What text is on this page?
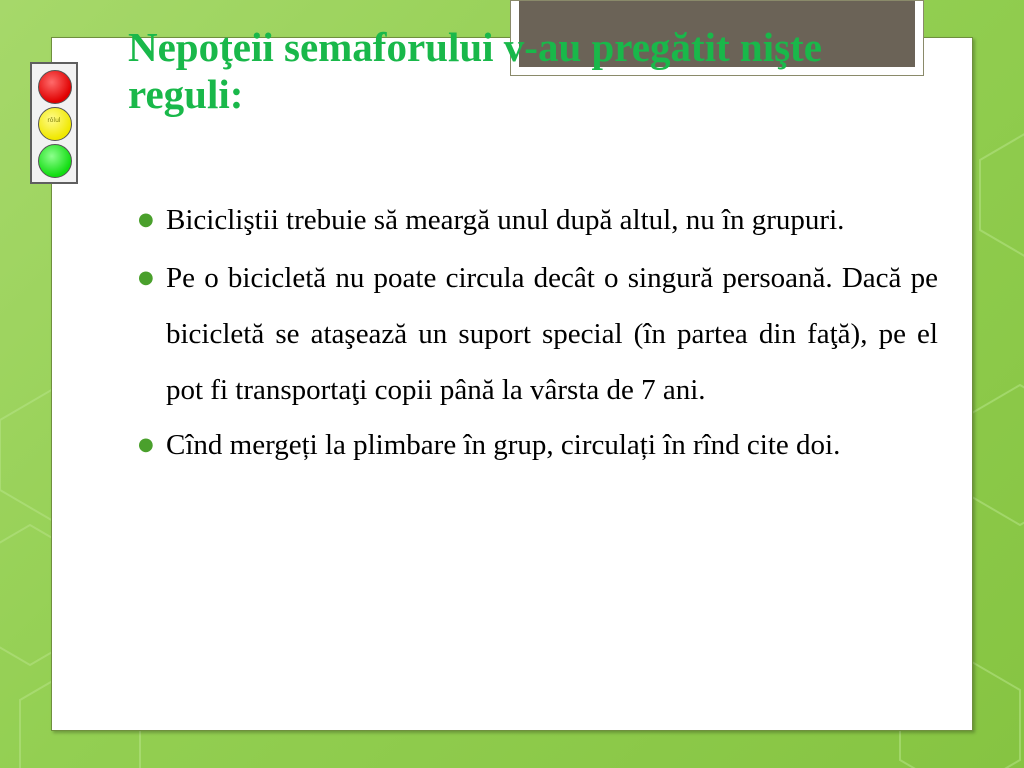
Nepoţeii semaforului v-au pregătit nişte reguli:
rôlul
● Bicicliştii trebuie să meargă unul după altul, nu în grupuri.
● Pe o bicicletă nu poate circula decât o singură persoană. Dacă pe bicicletă se ataşează un suport special (în partea din faţă), pe el pot fi transportaţi copii până la vârsta de 7 ani.
● Cînd mergeți la plimbare în grup, circulați în rînd cite doi.
